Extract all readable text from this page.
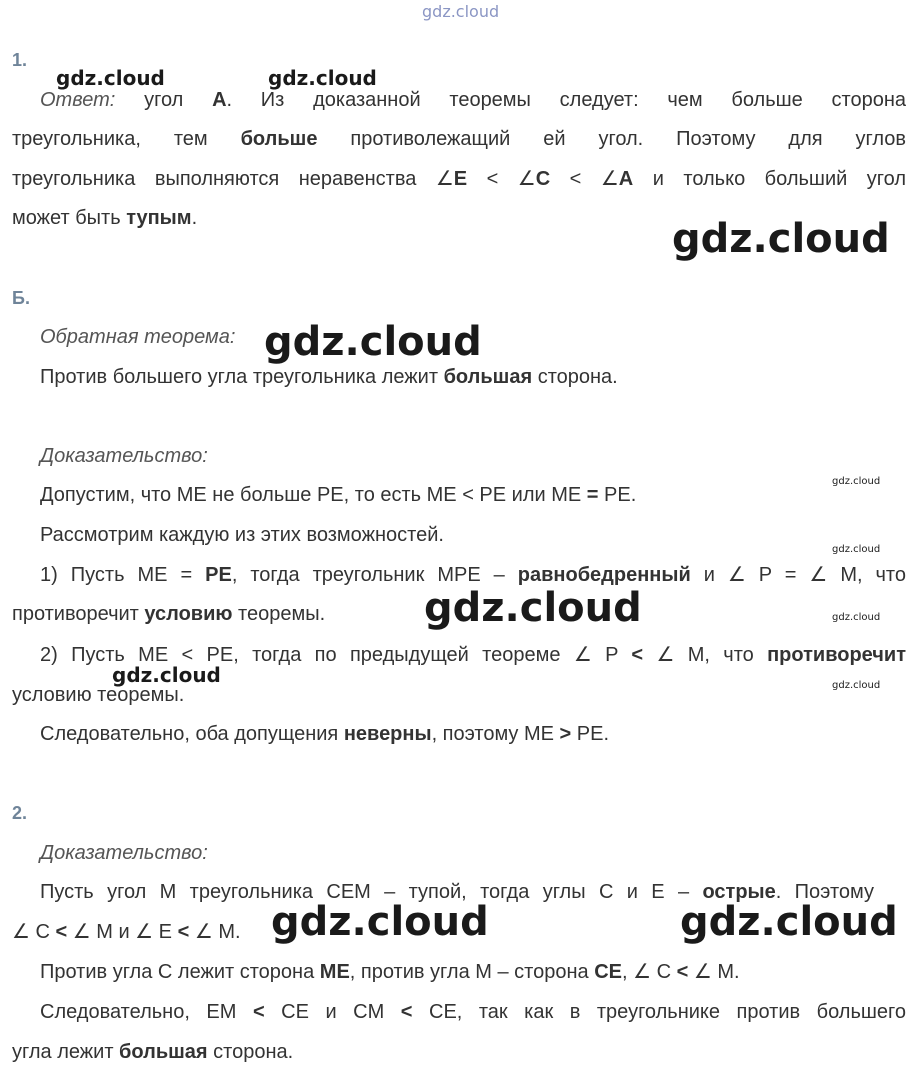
gdz.cloud
1.
Ответ: угол А. Из доказанной теоремы следует: чем больше сторона
треугольника, тем больше противолежащий ей угол. Поэтому для углов
треугольника выполняются неравенства ∠E < ∠C < ∠A и только больший угол
может быть тупым.
Б.
Обратная теорема:
Против большего угла треугольника лежит большая сторона.
Доказательство:
Допустим, что ME не больше PE, то есть ME < PE или ME = PE.
Рассмотрим каждую из этих возможностей.
1) Пусть ME = PE, тогда треугольник MPE – равнобедренный и ∠ P = ∠ M, что
противоречит условию теоремы.
2) Пусть ME < PE, тогда по предыдущей теореме ∠ P < ∠ M, что противоречит
условию теоремы.
Следовательно, оба допущения неверны, поэтому ME > PE.
2.
Доказательство:
Пусть угол M треугольника CEM – тупой, тогда углы C и E – острые. Поэтому
∠ C < ∠ M и ∠ E < ∠ M.
Против угла C лежит сторона ME, против угла M – сторона CE, ∠ C < ∠ M.
Следовательно, EM < CE и CM < CE, так как в треугольнике против большего
угла лежит большая сторона.
gdz.cloud	gdz.cloud
gdz.cloud
gdz.cloud
gdz.cloud
gdz.cloud
gdz.cloud	gdz.cloud
gdz.cloud	gdz.cloud
gdz.cloud	gdz.cloud
